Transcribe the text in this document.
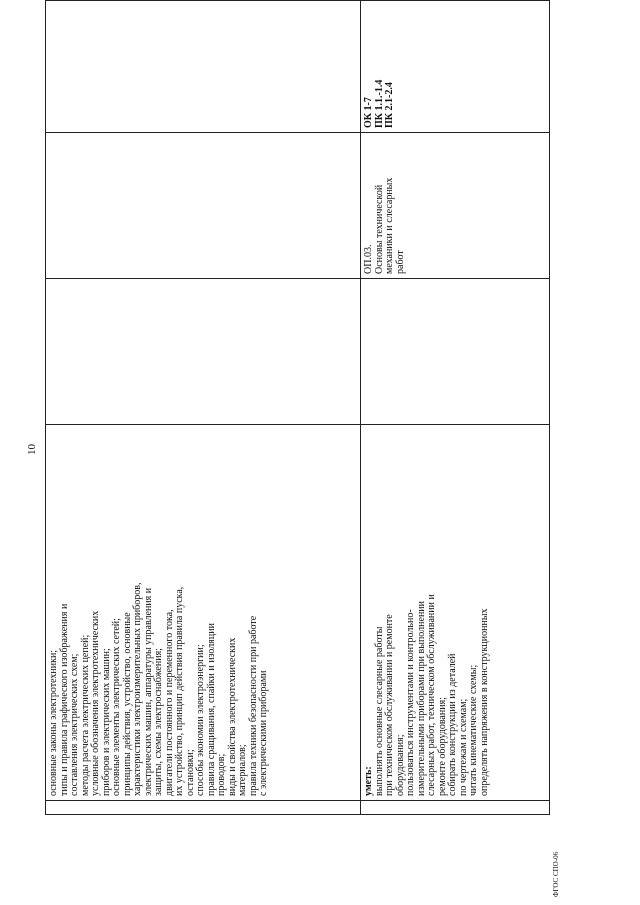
10
основные законы электротехники; типы и правила графического изображения и составления электрических схем; методы расчета электрических цепей; условные обозначения электротехнических приборов и электрических машин; основные элементы электрических сетей; принципы действия, устройство, основные характеристики электроизмерительных приборов, электрических машин, аппаратуры управления и защиты, схемы электроснабжения; двигатели постоянного и переменного тока, их устройство, принцип действия правила пуска, остановки; способы экономии электроэнергии; правила сращивания, спайки и изоляции проводов; виды и свойства электротехнических материалов; правила техники безопасности при работе с электрическими приборами	уметь: выполнять основные слесарные работы при техническом обслуживании и ремонте оборудования; пользоваться инструментами и контрольно- измерительными приборами при выполнении слесарных работ, техническом обслуживании и ремонте оборудования; собирать конструкции из деталей по чертежам и схемам; читать кинематические схемы; определять напряжения в конструкционных
ОП.03. Основы технической механики и слесарных работ
ОК 1-7 ПК 1.1.-1.4 ПК 2.1-2.4
ФГОС СПО-06
